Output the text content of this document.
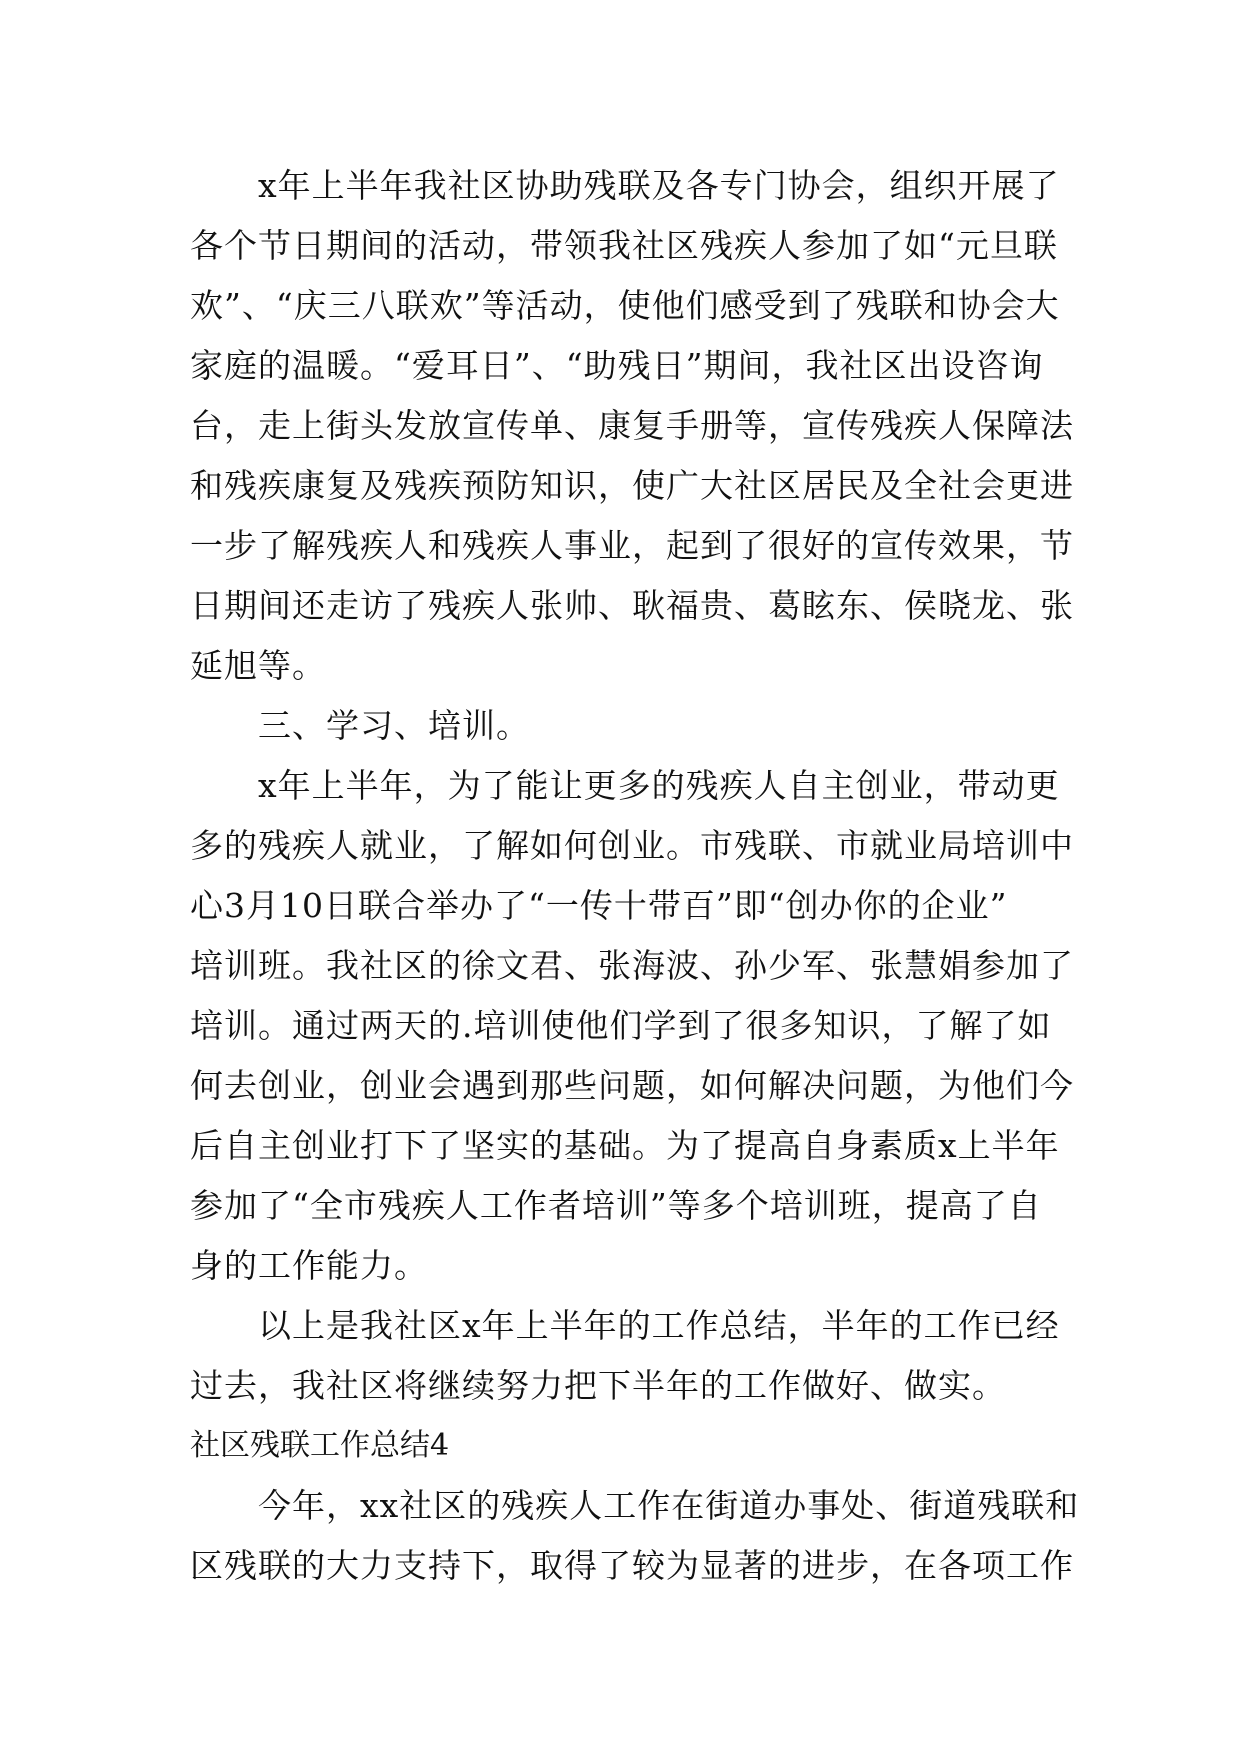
x年上半年我社区协助残联及各专门协会，组织开展了
各个节日期间的活动，带领我社区残疾人参加了如“元旦联
欢”、“庆三八联欢”等活动，使他们感受到了残联和协会大
家庭的温暖。“爱耳日”、“助残日”期间，我社区出设咨询
台，走上街头发放宣传单、康复手册等，宣传残疾人保障法
和残疾康复及残疾预防知识，使广大社区居民及全社会更进
一步了解残疾人和残疾人事业，起到了很好的宣传效果，节
日期间还走访了残疾人张帅、耿福贵、葛眩东、侯晓龙、张
延旭等。
三、学习、培训。
x年上半年，为了能让更多的残疾人自主创业，带动更
多的残疾人就业，了解如何创业。市残联、市就业局培训中
心3月10日联合举办了“一传十带百”即“创办你的企业”
培训班。我社区的徐文君、张海波、孙少军、张慧娟参加了
培训。通过两天的.培训使他们学到了很多知识，了解了如
何去创业，创业会遇到那些问题，如何解决问题，为他们今
后自主创业打下了坚实的基础。为了提高自身素质x上半年
参加了“全市残疾人工作者培训”等多个培训班，提高了自
身的工作能力。
以上是我社区x年上半年的工作总结，半年的工作已经
过去，我社区将继续努力把下半年的工作做好、做实。
社区残联工作总结4
今年，xx社区的残疾人工作在街道办事处、街道残联和
区残联的大力支持下，取得了较为显著的进步，在各项工作
